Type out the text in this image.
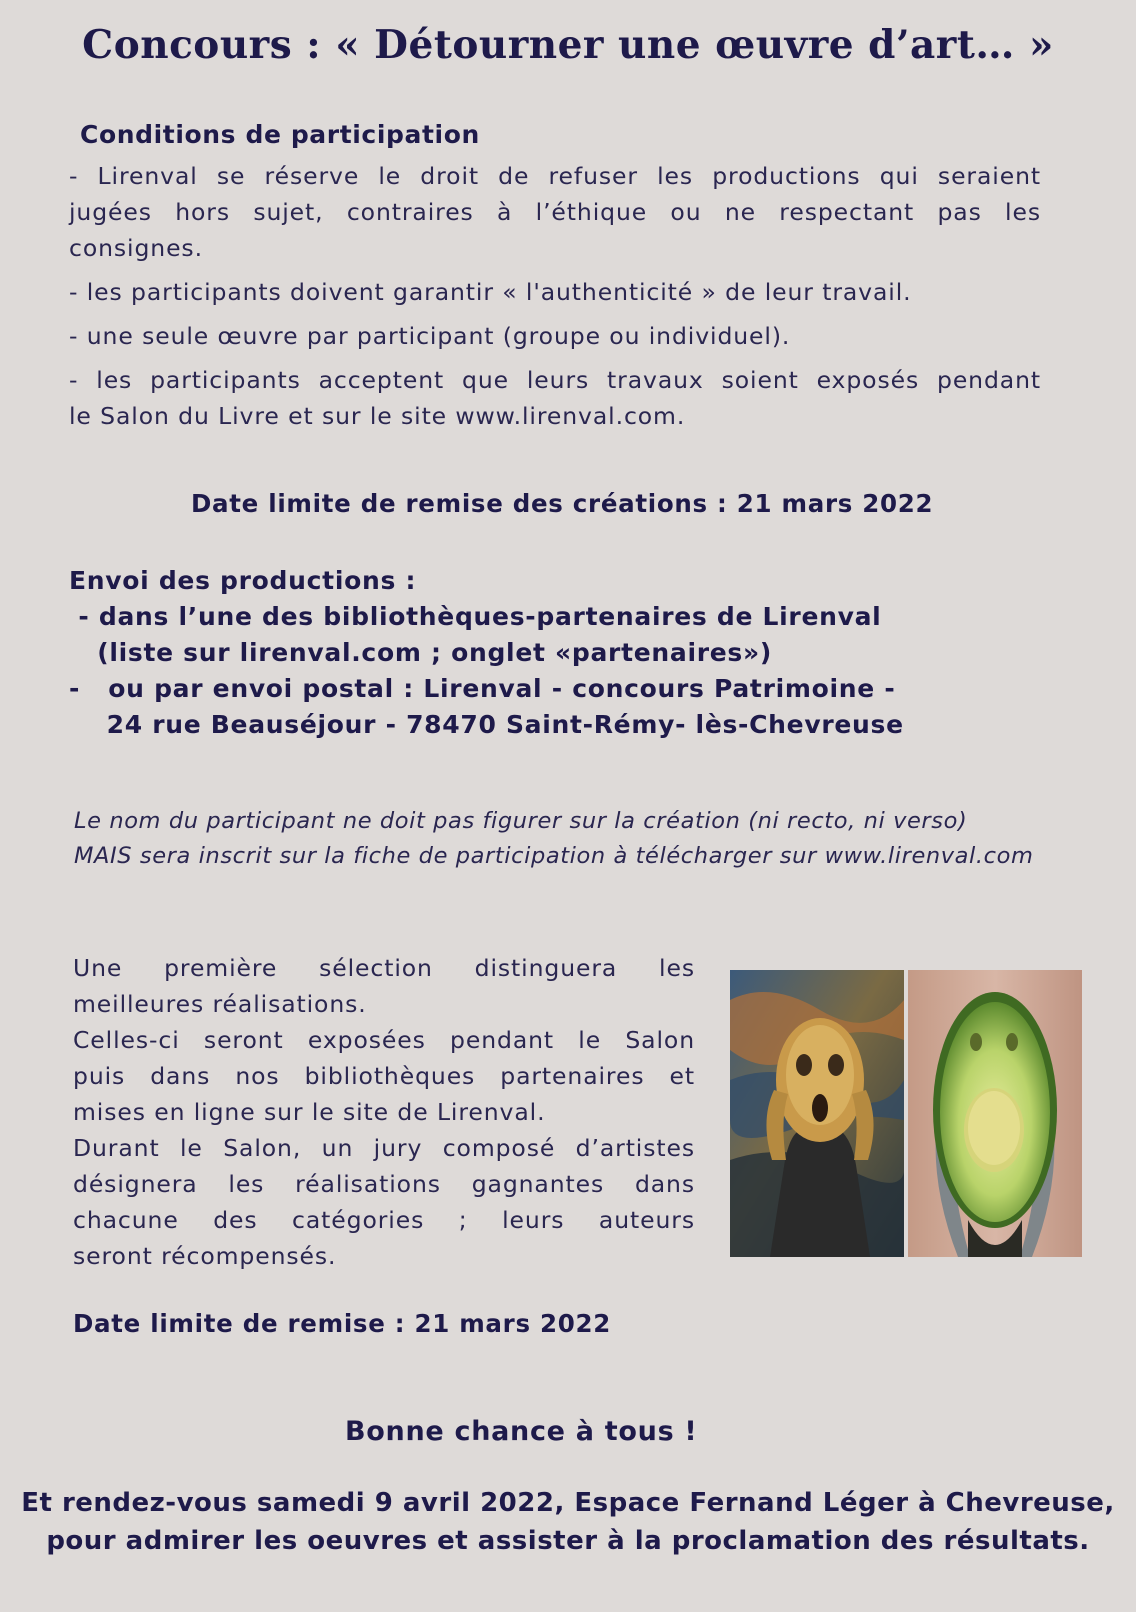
Concours : « Détourner une œuvre d’art… »
Conditions de participation
- Lirenval se réserve le droit de refuser les productions qui seraient
jugées hors sujet, contraires à l’éthique ou ne respectant pas les
consignes.
- les participants doivent garantir « l'authenticité » de leur travail.
- une seule œuvre par participant (groupe ou individuel).
- les participants acceptent que leurs travaux soient exposés pendant
le Salon du Livre et sur le site www.lirenval.com.
Date limite de remise des créations : 21 mars 2022
Envoi des productions :
- dans l’une des bibliothèques-partenaires de Lirenval
(liste sur lirenval.com ; onglet «partenaires»)
-   ou par envoi postal : Lirenval - concours Patrimoine -
24 rue Beauséjour - 78470 Saint-Rémy- lès-Chevreuse
Le nom du participant ne doit pas figurer sur la création (ni recto, ni verso)
MAIS sera inscrit sur la fiche de participation à télécharger sur www.lirenval.com
Une première sélection distinguera les
meilleures réalisations.
Celles-ci seront exposées pendant le Salon
puis dans nos bibliothèques partenaires et
mises en ligne sur le site de Lirenval.
Durant le Salon, un jury composé d’artistes
désignera les réalisations gagnantes dans
chacune des catégories ; leurs auteurs
seront récompensés.
Date limite de remise : 21 mars 2022
Bonne chance à tous !
Et rendez-vous samedi 9 avril 2022, Espace Fernand Léger à Chevreuse,
pour admirer les oeuvres et assister à la proclamation des résultats.
